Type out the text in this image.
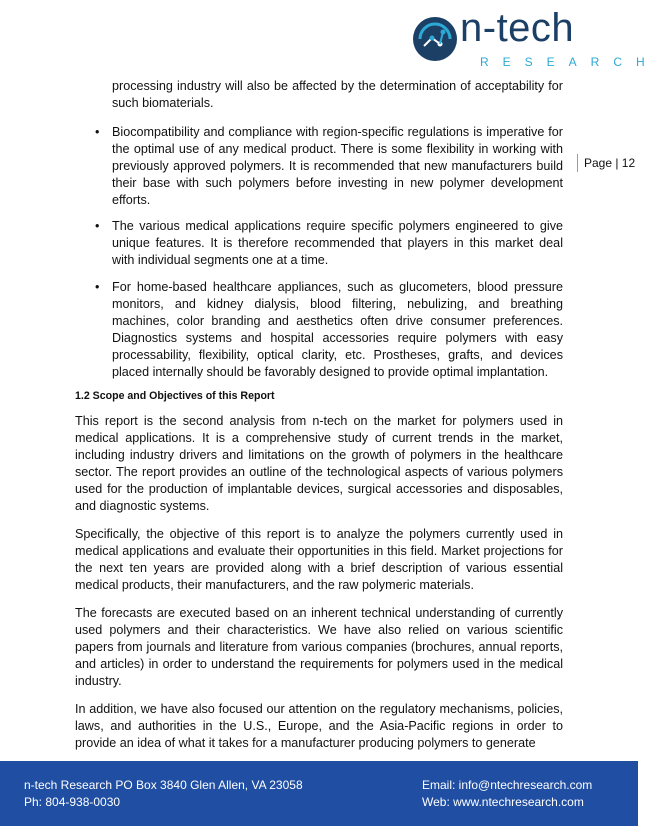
n-tech
RESEARCH
Page | 12

processing industry will also be affected by the determination of acceptability for such biomaterials.

• Biocompatibility and compliance with region-specific regulations is imperative for the optimal use of any medical product. There is some flexibility in working with previously approved polymers. It is recommended that new manufacturers build their base with such polymers before investing in new polymer development efforts.

• The various medical applications require specific polymers engineered to give unique features. It is therefore recommended that players in this market deal with individual segments one at a time.

• For home-based healthcare appliances, such as glucometers, blood pressure monitors, and kidney dialysis, blood filtering, nebulizing, and breathing machines, color branding and aesthetics often drive consumer preferences. Diagnostics systems and hospital accessories require polymers with easy processability, flexibility, optical clarity, etc. Prostheses, grafts, and devices placed internally should be favorably designed to provide optimal implantation.

1.2 Scope and Objectives of this Report

This report is the second analysis from n-tech on the market for polymers used in medical applications. It is a comprehensive study of current trends in the market, including industry drivers and limitations on the growth of polymers in the healthcare sector. The report provides an outline of the technological aspects of various polymers used for the production of implantable devices, surgical accessories and disposables, and diagnostic systems.

Specifically, the objective of this report is to analyze the polymers currently used in medical applications and evaluate their opportunities in this field. Market projections for the next ten years are provided along with a brief description of various essential medical products, their manufacturers, and the raw polymeric materials.

The forecasts are executed based on an inherent technical understanding of currently used polymers and their characteristics. We have also relied on various scientific papers from journals and literature from various companies (brochures, annual reports, and articles) in order to understand the requirements for polymers used in the medical industry.

In addition, we have also focused our attention on the regulatory mechanisms, policies, laws, and authorities in the U.S., Europe, and the Asia-Pacific regions in order to provide an idea of what it takes for a manufacturer producing polymers to generate

n-tech Research PO Box 3840 Glen Allen, VA 23058
Ph: 804-938-0030
Email: info@ntechresearch.com
Web: www.ntechresearch.com
